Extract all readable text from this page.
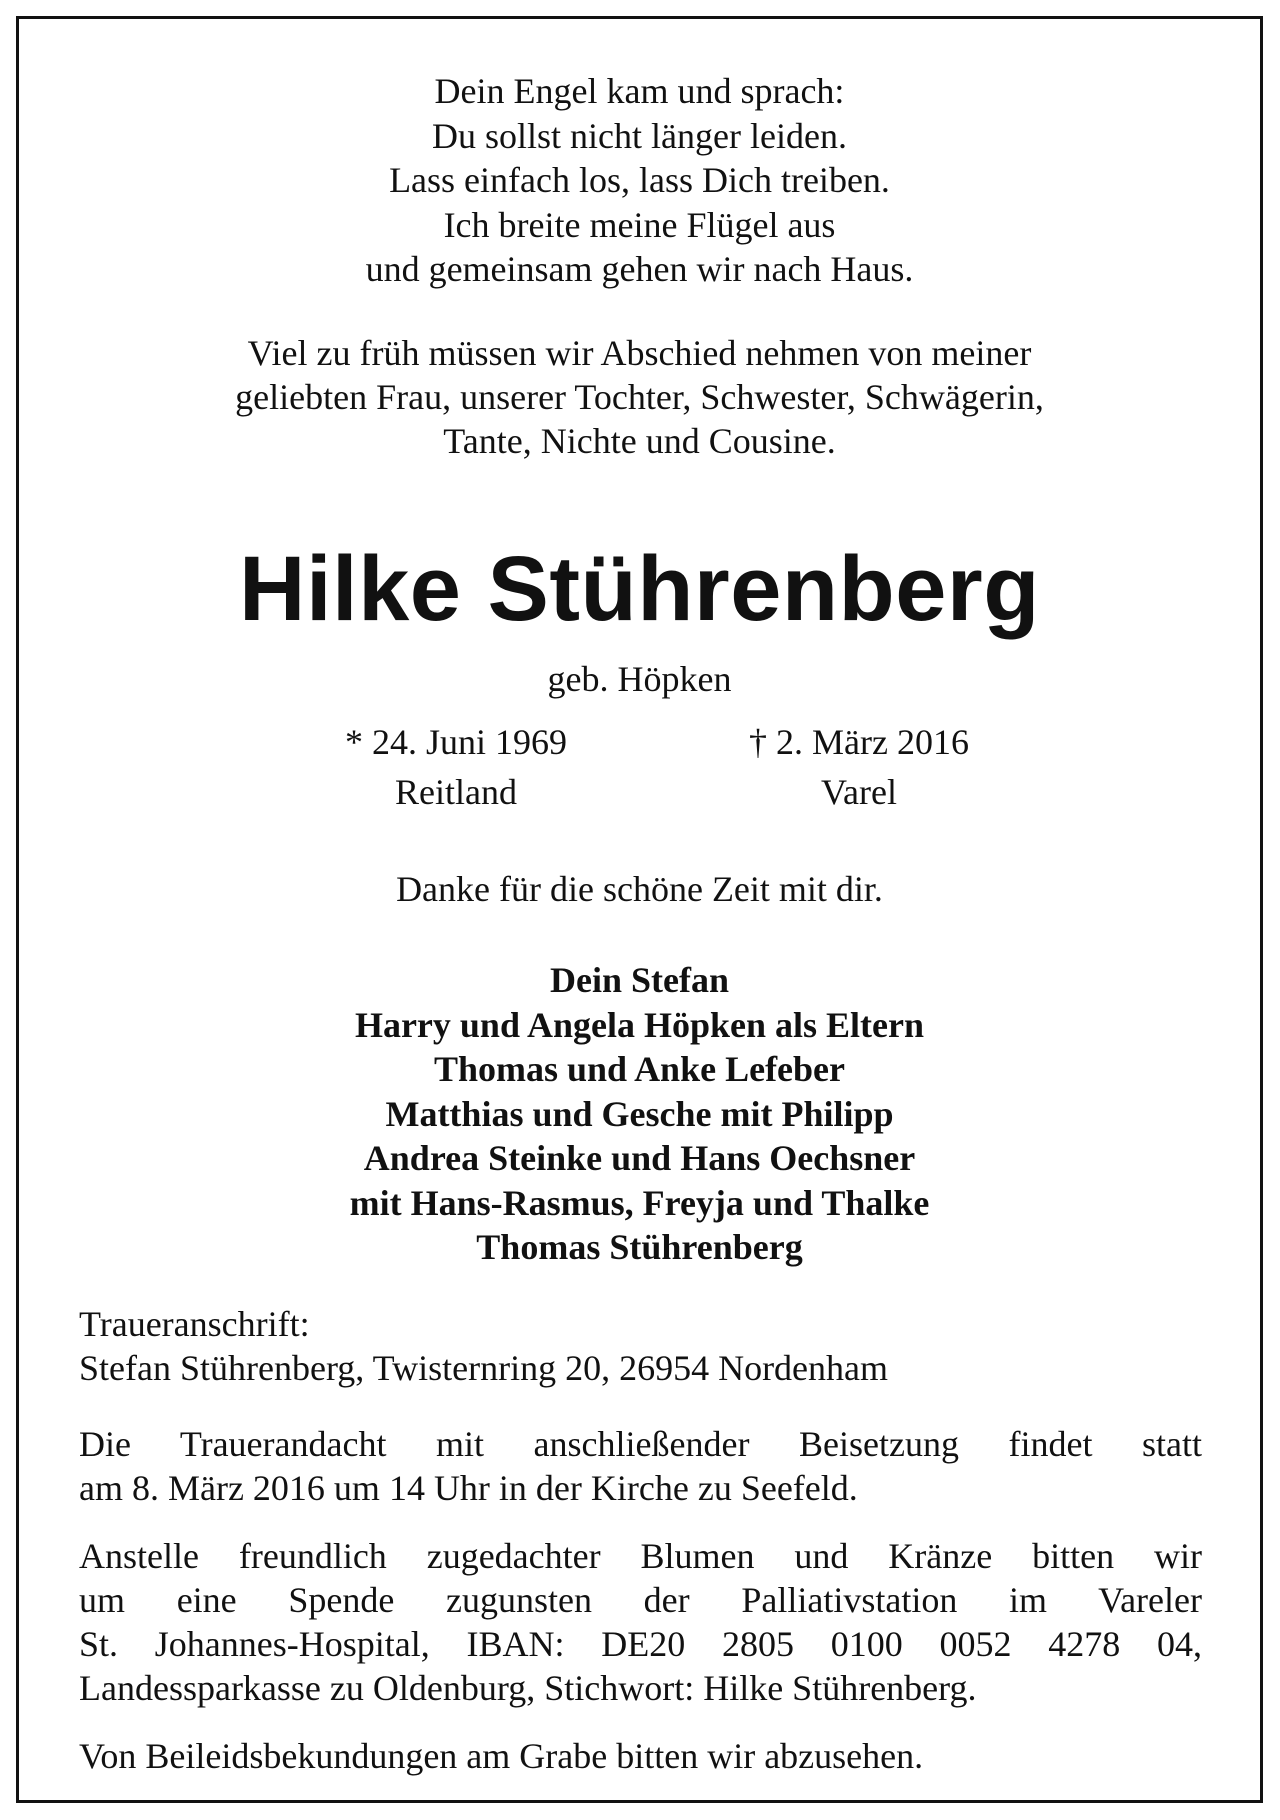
Dein Engel kam und sprach:
Du sollst nicht länger leiden.
Lass einfach los, lass Dich treiben.
Ich breite meine Flügel aus
und gemeinsam gehen wir nach Haus.
Viel zu früh müssen wir Abschied nehmen von meiner
geliebten Frau, unserer Tochter, Schwester, Schwägerin,
Tante, Nichte und Cousine.
Hilke Stührenberg
geb. Höpken
* 24. Juni 1969
Reitland
† 2. März 2016
Varel
Danke für die schöne Zeit mit dir.
Dein Stefan
Harry und Angela Höpken als Eltern
Thomas und Anke Lefeber
Matthias und Gesche mit Philipp
Andrea Steinke und Hans Oechsner
mit Hans-Rasmus, Freyja und Thalke
Thomas Stührenberg
Traueranschrift:
Stefan Stührenberg, Twisternring 20, 26954 Nordenham
Die Trauerandacht mit anschließender Beisetzung findet statt
am 8. März 2016 um 14 Uhr in der Kirche zu Seefeld.
Anstelle freundlich zugedachter Blumen und Kränze bitten wir
um eine Spende zugunsten der Palliativstation im Vareler
St. Johannes-Hospital, IBAN: DE20 2805 0100 0052 4278 04,
Landessparkasse zu Oldenburg, Stichwort: Hilke Stührenberg.
Von Beileidsbekundungen am Grabe bitten wir abzusehen.
